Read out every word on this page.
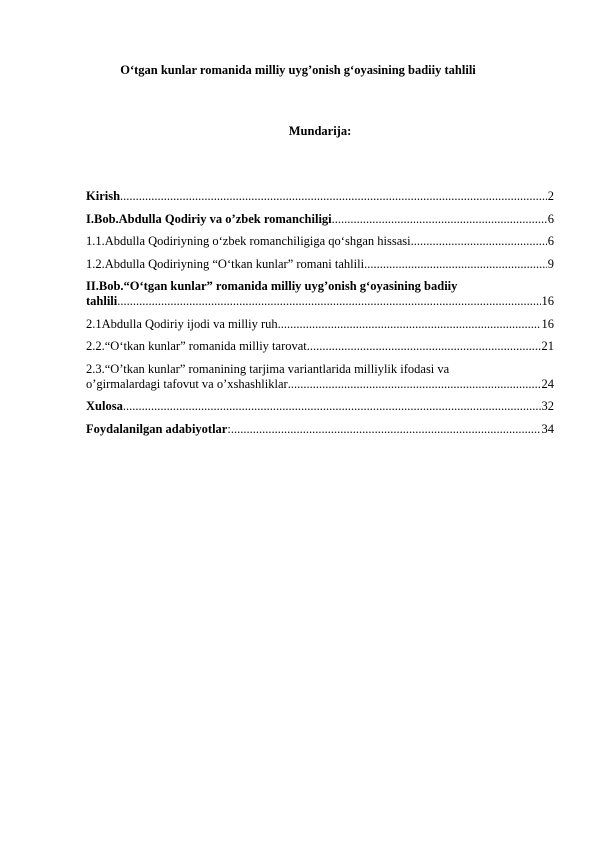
O‘tgan kunlar romanida milliy uyg’onish g‘oyasining badiiy tahlili
Mundarija:
Kirish .....	2
I.Bob.Abdulla Qodiriy va o’zbek romanchiligi .....	6
1.1.Abdulla Qodiriyning o‘zbek romanchiligiga qo‘shgan hissasi .....	6
1.2.Abdulla Qodiriyning “O‘tkan kunlar” romani tahlili .....	9
II.Bob.“O‘tgan kunlar” romanida milliy uyg’onish g‘oyasining badiiy
tahlili .....	16
2.1Abdulla Qodiriy ijodi va milliy ruh .....	16
2.2.“O‘tkan kunlar” romanida milliy tarovat .....	21
2.3.“O’tkan kunlar” romanining tarjima variantlarida milliylik ifodasi va
o’girmalardagi tafovut va o’xshashliklar .....	24
Xulosa .....	32
Foydalanilgan adabiyotlar : .....	34
